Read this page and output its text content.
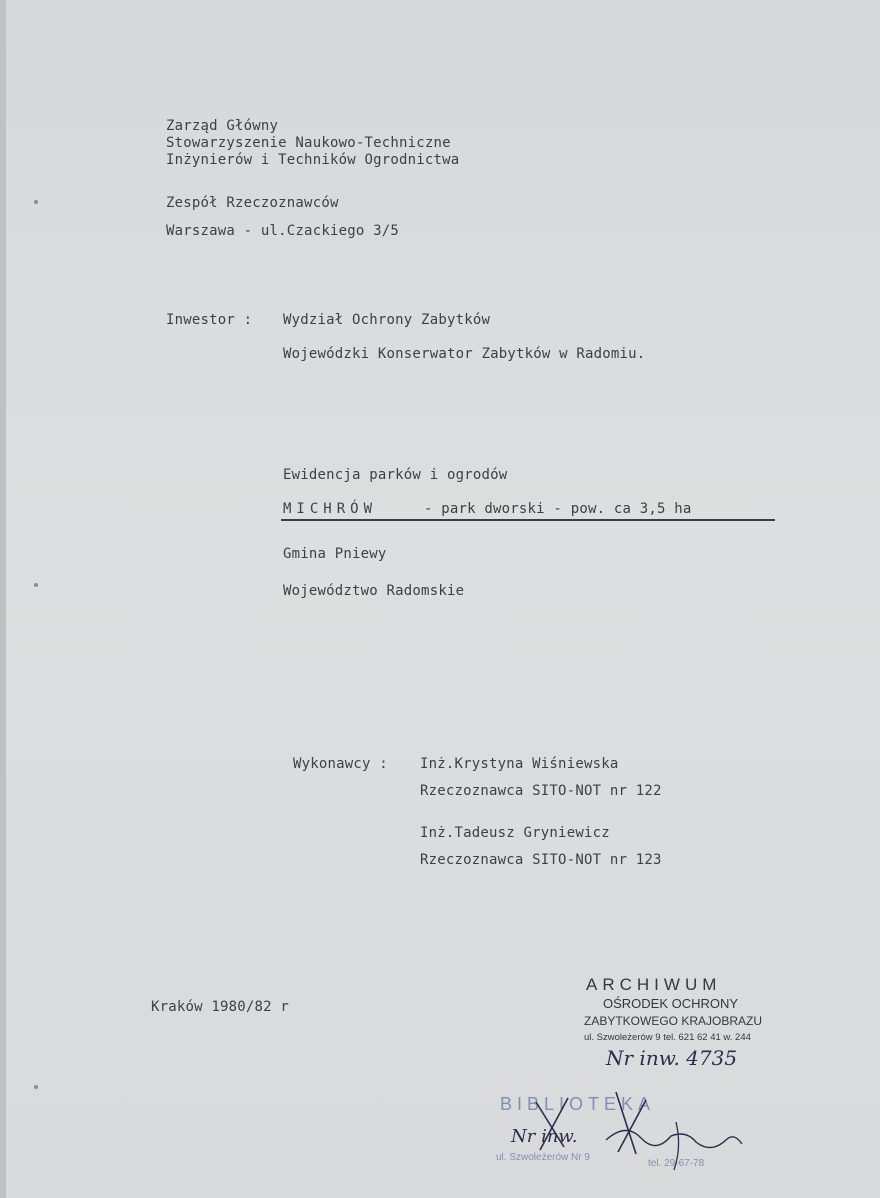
Zarząd Główny
Stowarzyszenie Naukowo-Techniczne
Inżynierów i Techników Ogrodnictwa
Zespół Rzeczoznawców
Warszawa - ul.Czackiego 3/5
Inwestor : Wydział Ochrony Zabytków
Wojewódzki Konserwator Zabytków w Radomiu.
Ewidencja parków i ogrodów
MICHRÓW	- park dworski - pow. ca 3,5 ha
Gmina Pniewy
Województwo Radomskie
Wykonawcy : Inż.Krystyna Wiśniewska
Rzeczoznawca SITO-NOT nr 122
Inż.Tadeusz Gryniewicz
Rzeczoznawca SITO-NOT nr 123
Kraków 1980/82 r
ARCHIWUM
OŚRODEK OCHRONY
ZABYTKOWEGO KRAJOBRAZU
ul. Szwoleżerów 9 tel. 621 62 41 w. 244
Nr inw. 4735
BIBLIOTEKA
ul. Szwoleżerów Nr 9
tel. 29-67-78
Nr inw.
